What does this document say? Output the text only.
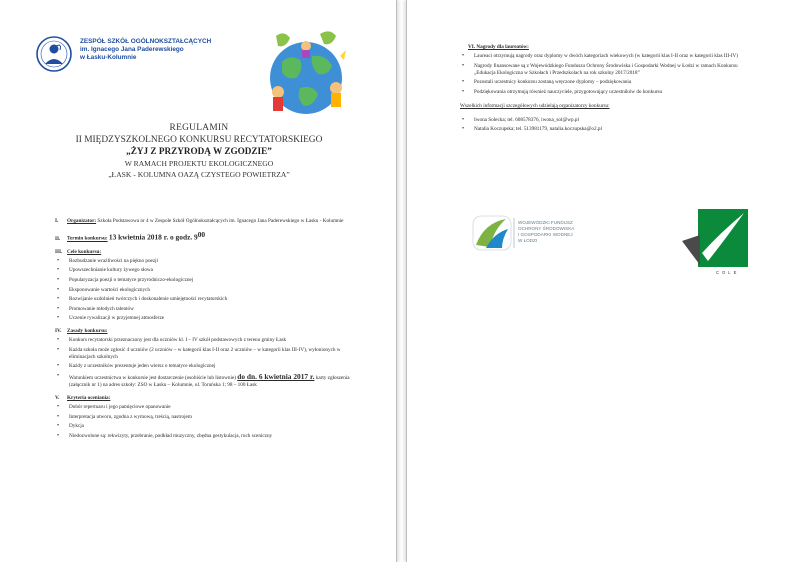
ZESPÓŁ SZKÓŁ OGÓLNOKSZTAŁCĄCYCH
im. Ignacego Jana Paderewskiego
w Łasku-Kolumnie
REGULAMIN
II MIĘDZYSZKOLNEGO KONKURSU RECYTATORSKIEGO
„ŻYJ Z PRZYRODĄ W ZGODZIE”
W RAMACH PROJEKTU EKOLOGICZNEGO
„ŁASK - KOLUMNA OAZĄ CZYSTEGO POWIETRZA”
I. Organizator: Szkoła Podstawowa nr 4 w Zespole Szkół Ogólnokształcących im. Ignacego Jana Paderewskiego w Łasku - Kolumnie
II. Termin konkursu: 13 kwietnia 2018 r. o godz. $9^{00}$
III. Cele konkursu:
• Rozbudzanie wrażliwości na piękno poezji
• Upowszechnianie kultury żywego słowa
• Popularyzacja poezji o tematyce przyrodniczo-ekologicznej
• Eksponowanie wartości ekologicznych
• Rozwijanie uzdolnień twórczych i doskonalenie umiejętności recytatorskich
• Promowanie młodych talentów
• Uczenie rywalizacji w przyjemnej atmosferze
IV. Zasady konkursu:
• Konkurs recytatorski przeznaczony jest dla uczniów kl. I – IV szkół podstawowych z terenu gminy Łask
• Każda szkoła może zgłosić 4 uczniów (2 uczniów – w kategorii klas I-II oraz 2 uczniów – w kategorii klas III-IV), wyłonionych w eliminacjach szkolnych
• Każdy z uczestników prezentuje jeden wiersz o tematyce ekologicznej
• Warunkiem uczestnictwa w konkursie jest dostarczenie (osobiście lub listownie) do dn. 6 kwietnia 2017 r. karty zgłoszenia (załącznik nr 1) na adres szkoły: ZSO w Łasku – Kolumnie, ul. Toruńska 1; 98 – 100 Łask
V. Kryteria oceniania:
• Dobór repertuaru i jego pamięciowe opanowanie
• Interpretacja utworu, zgodna z wymową, treścią, nastrojem
• Dykcja
• Niedozwolone są: rekwizyty, przebranie, podkład muzyczny, zbędna gestykulacja, ruch sceniczny
VI. Nagrody dla laureatów:
• Laureaci otrzymują nagrody oraz dyplomy w dwóch kategoriach wiekowych (w kategorii klas I-II oraz w kategorii klas III-IV)
• Nagrody finansowane są z Wojewódzkiego Funduszu Ochrony Środowiska i Gospodarki Wodnej w Łodzi w ramach Konkursu „Edukacja Ekologiczna w Szkołach i Przedszkolach na rok szkolny 2017/2018”
• Pozostali uczestnicy konkursu zostaną wręczone dyplomy – podziękowania
• Podziękowania otrzymują również nauczyciele, przygotowujący uczestników do konkursu
Wszelkich informacji szczegółowych udzielają organizatorzy konkursu:
• Iwona Solecka; tel. 608578376, iwona_sol@wp.pl
• Natalia Koczupska; tel. 513981179, natalia.koczupska@o2.pl
WOJEWÓDZKI FUNDUSZ
OCHRONY ŚRODOWISKA
I GOSPODARKI WODNEJ
W ŁODZI
COLE
